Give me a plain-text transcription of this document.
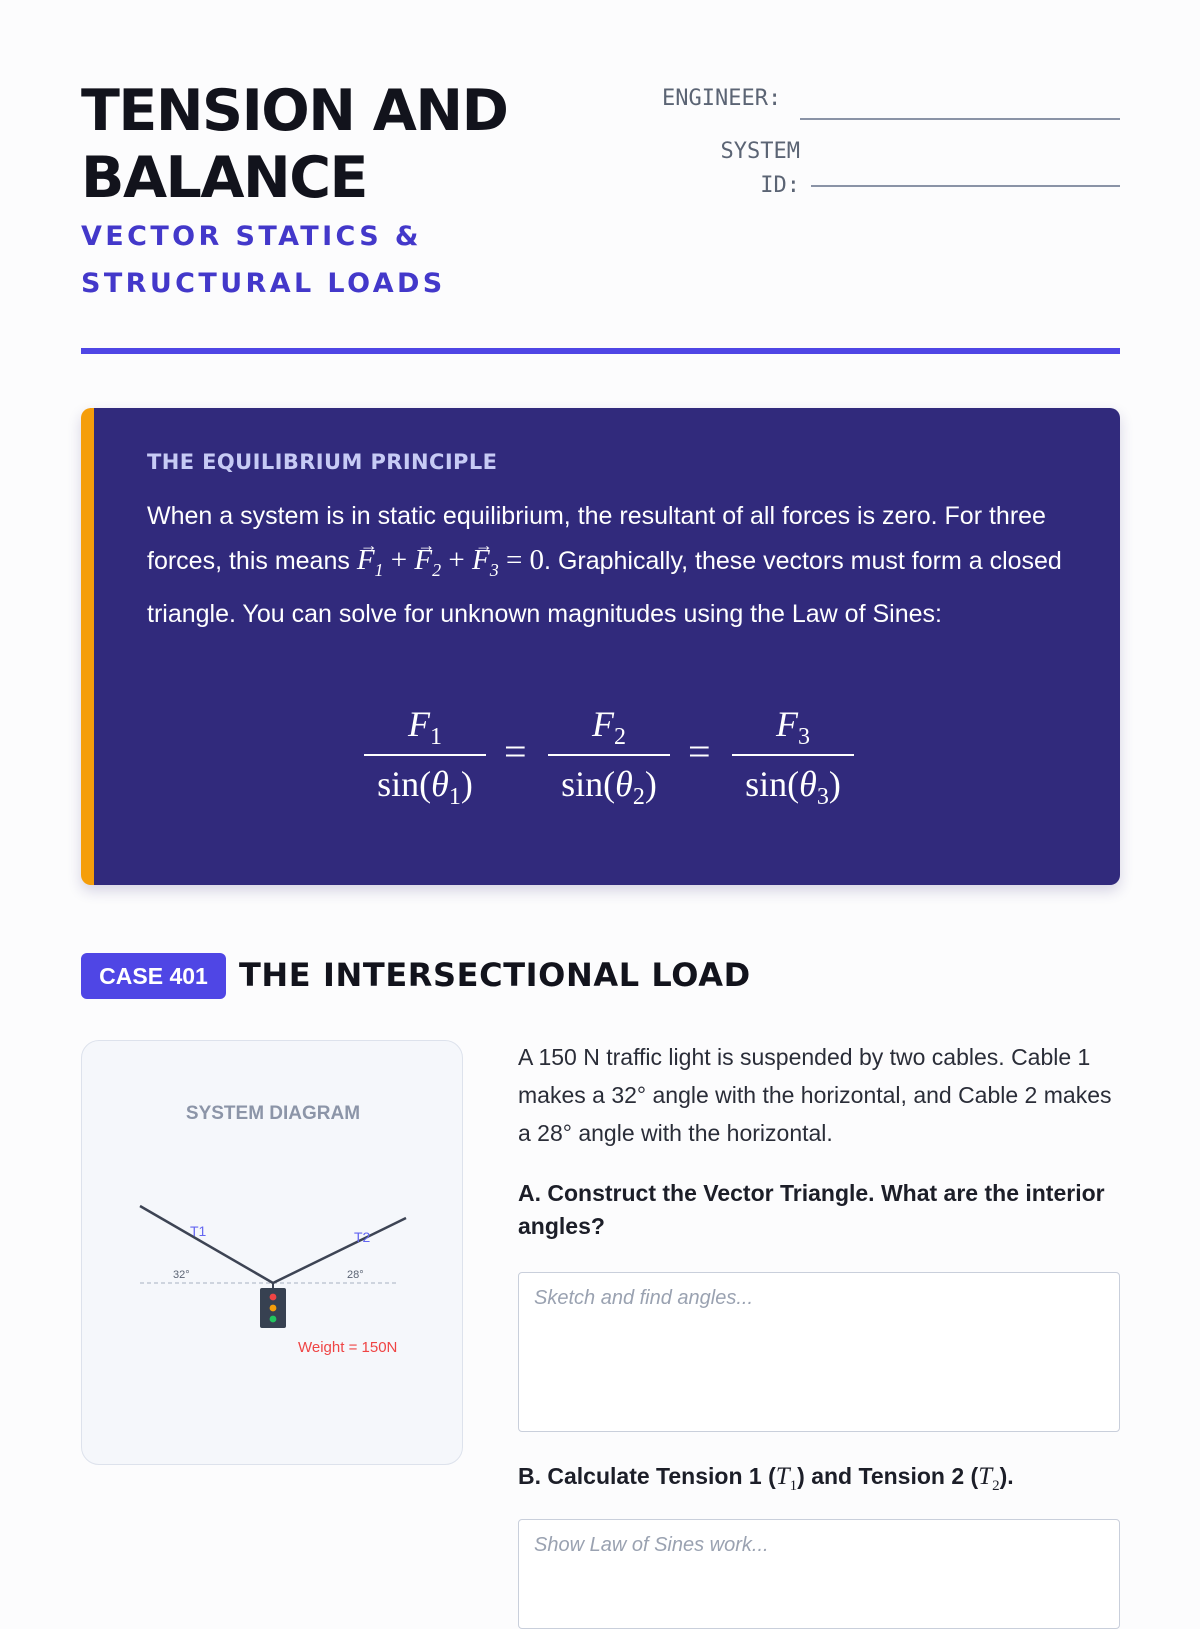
TENSION AND BALANCE
VECTOR STATICS & STRUCTURAL LOADS
ENGINEER:
SYSTEM ID:
THE EQUILIBRIUM PRINCIPLE

When a system is in static equilibrium, the resultant of all forces is zero. For three forces, this means → $F_1$ + → $F_2$ + → $F_3 = 0$. Graphically, these vectors must form a closed triangle. You can solve for unknown magnitudes using the Law of Sines:

$F_1$
$\sin(\theta_1)$
=
$F_2$
$\sin(\theta_2)$
=
$F_3$
$\sin(\theta_3)$
CASE 401 THE INTERSECTIONAL LOAD
SYSTEM DIAGRAM
T1	T2
32°	28°
Weight = 150N

A 150 N traffic light is suspended by two cables. Cable 1 makes a 32° angle with the horizontal, and Cable 2 makes a 28° angle with the horizontal.

A. Construct the Vector Triangle. What are the interior angles?

Sketch and find angles...

B. Calculate Tension 1 $(T_1)$ and Tension 2 $(T_2)$.

Show Law of Sines work...
